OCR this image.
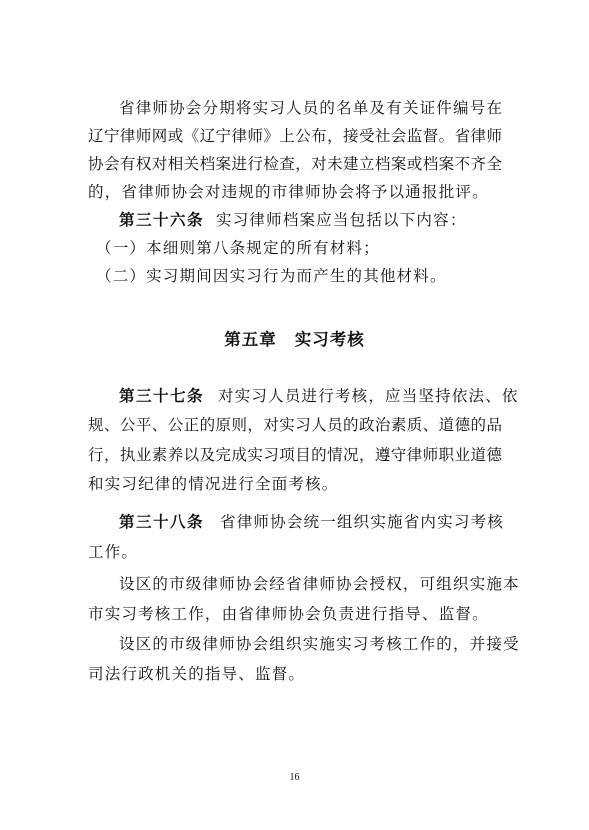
省律师协会分期将实习人员的名单及有关证件编号在
辽宁律师网或《辽宁律师》上公布，接受社会监督。省律师
协会有权对相关档案进行检查，对未建立档案或档案不齐全
的，省律师协会对违规的市律师协会将予以通报批评。
第三十六条 实习律师档案应当包括以下内容：
（一）本细则第八条规定的所有材料；
（二）实习期间因实习行为而产生的其他材料。
第五章 实习考核
第三十七条 对实习人员进行考核，应当坚持依法、依
规、公平、公正的原则，对实习人员的政治素质、道德的品
行，执业素养以及完成实习项目的情况，遵守律师职业道德
和实习纪律的情况进行全面考核。
第三十八条 省律师协会统一组织实施省内实习考核
工作。
设区的市级律师协会经省律师协会授权，可组织实施本
市实习考核工作，由省律师协会负责进行指导、监督。
设区的市级律师协会组织实施实习考核工作的，并接受
司法行政机关的指导、监督。
16
